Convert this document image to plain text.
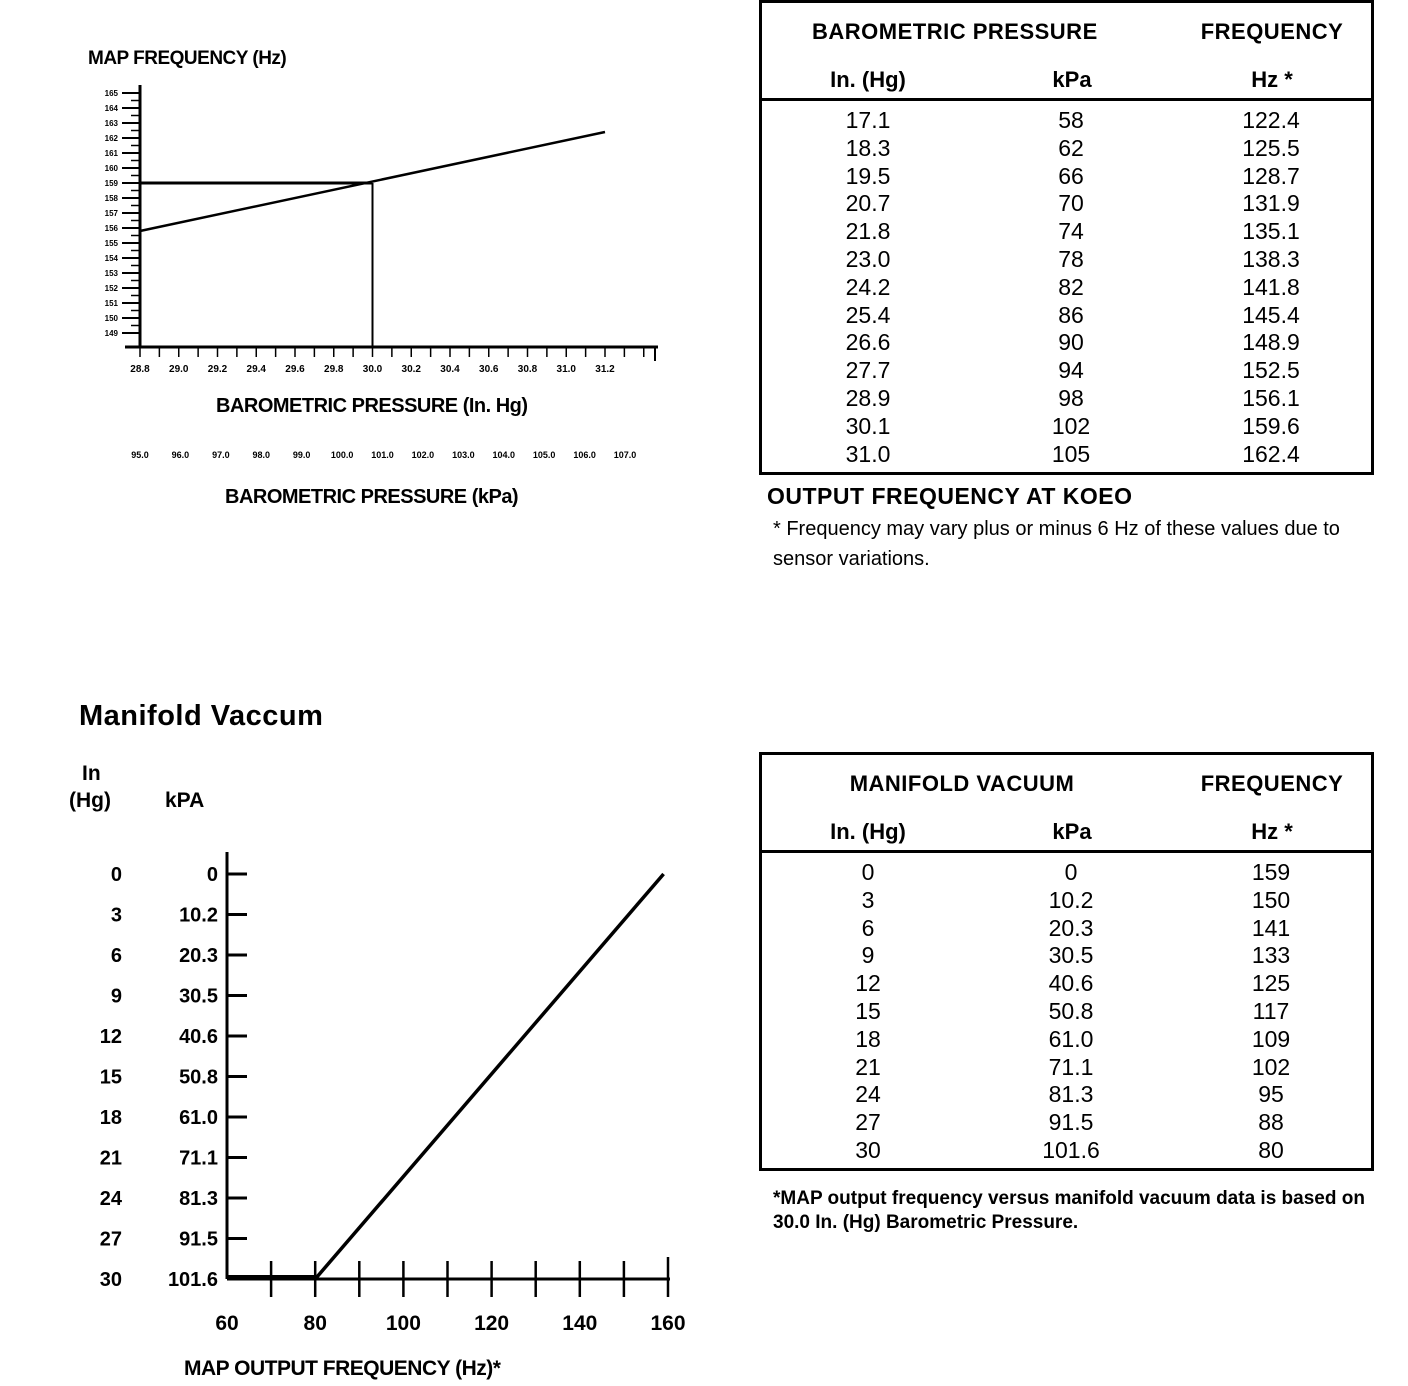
MAP FREQUENCY (Hz)
165
164
163
162
161
160
159
158
157
156
155
154
153
152
151
150
149
28.8 29.0 29.2 29.4 29.6 29.8 30.0 30.2 30.4 30.6 30.8 31.0 31.2
95.0	96.0	97.0	98.0	99.0 100.0 101.0 102.0 103.0 104.0 105.0 106.0 107.0
BAROMETRIC PRESSURE (In. Hg)
BAROMETRIC PRESSURE (kPa)
BAROMETRIC PRESSURE	FREQUENCY
In. (Hg)	kPa	Hz *
17.1	58	122.4
18.3	62	125.5
19.5	66	128.7
20.7	70	131.9
21.8	74	135.1
23.0	78	138.3
24.2	82	141.8
25.4	86	145.4
26.6	90	148.9
27.7	94	152.5
28.9	98	156.1
30.1	102	159.6
31.0	105	162.4
OUTPUT FREQUENCY AT KOEO
* Frequency may vary plus or minus 6 Hz of these values due to sensor variations.
Manifold Vaccum
In
(Hg)	kPA
0	0
3	10.2
6	20.3
9	30.5
12	40.6
15	50.8
18	61.0
21	71.1
24	81.3
27	91.5
30 101.6
60	80	100	120	140	160
MAP OUTPUT FREQUENCY (Hz)*
MANIFOLD VACUUM	FREQUENCY
In. (Hg)	kPa	Hz *
0	0	159
3	10.2	150
6	20.3	141
9	30.5	133
12	40.6	125
15	50.8	117
18	61.0	109
21	71.1	102
24	81.3	95
27	91.5	88
30	101.6	80
*MAP output frequency versus manifold vacuum data is based on 30.0 In. (Hg) Barometric Pressure.
